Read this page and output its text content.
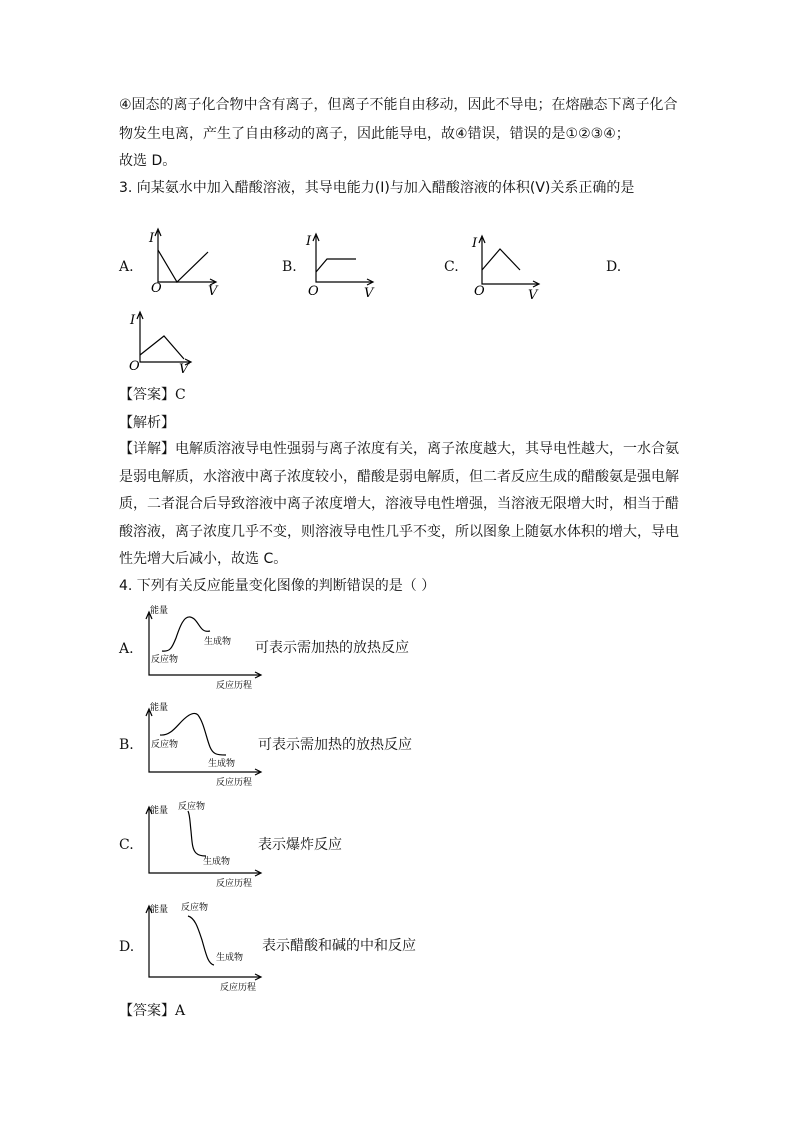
④固态的离子化合物中含有离子，但离子不能自由移动，因此不导电；在熔融态下离子化合
物发生电离，产生了自由移动的离子，因此能导电，故④错误，错误的是①②③④；
故选 D。
3. 向某氨水中加入醋酸溶液，其导电能力(I)与加入醋酸溶液的体积(V)关系正确的是
A.
I
O	V
B.
I
O	V
C.
I
O	V
D.
I
O	V
【答案】C
【解析】
【详解】电解质溶液导电性强弱与离子浓度有关，离子浓度越大，其导电性越大，一水合氨
是弱电解质，水溶液中离子浓度较小，醋酸是弱电解质，但二者反应生成的醋酸氨是强电解
质，二者混合后导致溶液中离子浓度增大，溶液导电性增强，当溶液无限增大时，相当于醋
酸溶液，离子浓度几乎不变，则溶液导电性几乎不变，所以图象上随氨水体积的增大，导电
性先增大后减小，故选 C。
4. 下列有关反应能量变化图像的判断错误的是（ ）
A.
能量
反应物
生成物
反应历程
可表示需加热的放热反应
B.
能量
反应物
生成物
反应历程
可表示需加热的放热反应
C.
能量 反应物
生成物
反应历程
表示爆炸反应
D.
能量 反应物
生成物
反应历程
表示醋酸和碱的中和反应
【答案】A
